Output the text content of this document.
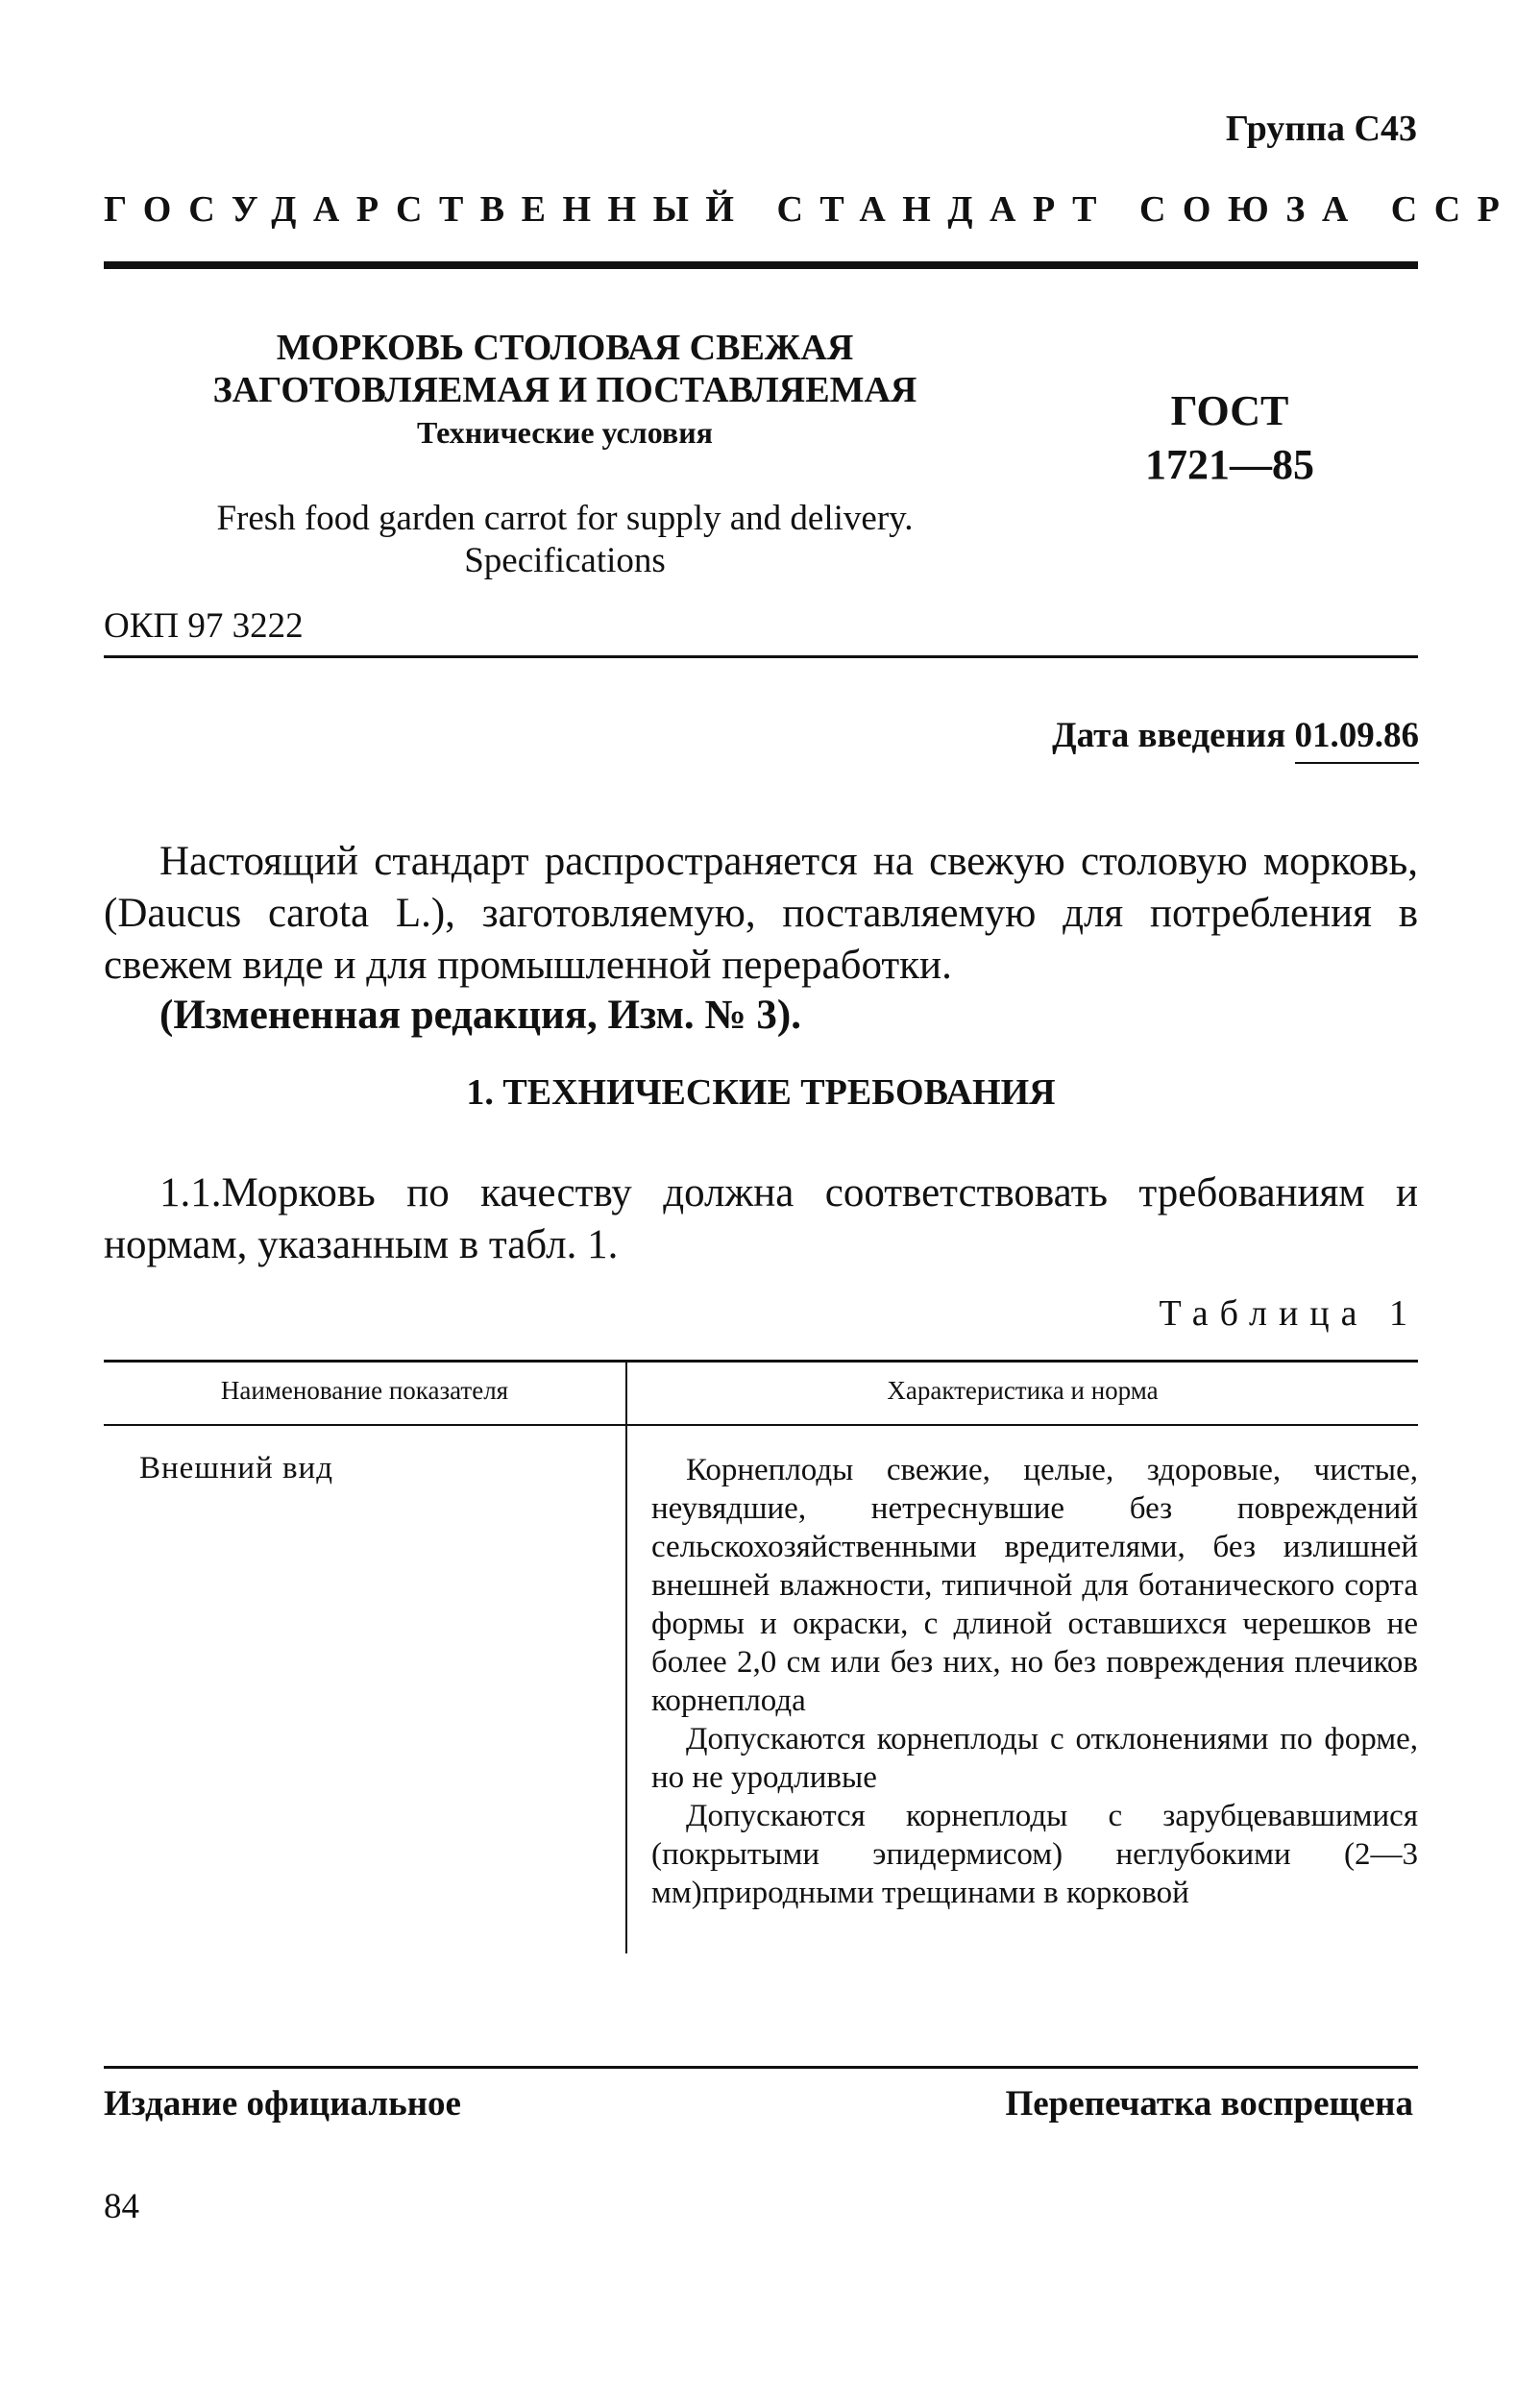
Группа С43
ГОСУДАРСТВЕННЫЙ СТАНДАРТ СОЮЗА ССР
МОРКОВЬ СТОЛОВАЯ СВЕЖАЯ
ЗАГОТОВЛЯЕМАЯ И ПОСТАВЛЯЕМАЯ
Технические условия
Fresh food garden carrot for supply and delivery.
Specifications
ГОСТ
1721—85
ОКП 97 3222
Дата введения 01.09.86
Настоящий стандарт распространяется на свежую столовую морковь, (Daucus carota L.), заготовляемую, поставляемую для потребления в свежем виде и для промышленной переработки.
(Измененная редакция, Изм. № 3).
1. ТЕХНИЧЕСКИЕ ТРЕБОВАНИЯ
1.1.Морковь по качеству должна соответствовать требованиям и нормам, указанным в табл. 1.
Таблица 1
Наименование показателя	Характеристика и норма
Внешний вид	Корнеплоды свежие, целые, здоровые, чистые, неувядшие, нетреснувшие без повреждений сельскохозяйственными вредителями, без излишней внешней влажности, типичной для ботанического сорта формы и окраски, с длиной оставшихся черешков не более 2,0 см или без них, но без повреждения плечиков корнеплода

Допускаются корнеплоды с отклонениями по форме, но не уродливые

Допускаются корнеплоды с зарубцевавшимися (покрытыми эпидермисом) неглубокими (2—3 мм)природными трещинами в корковой

Издание официальное	Перепечатка воспрещена
84
